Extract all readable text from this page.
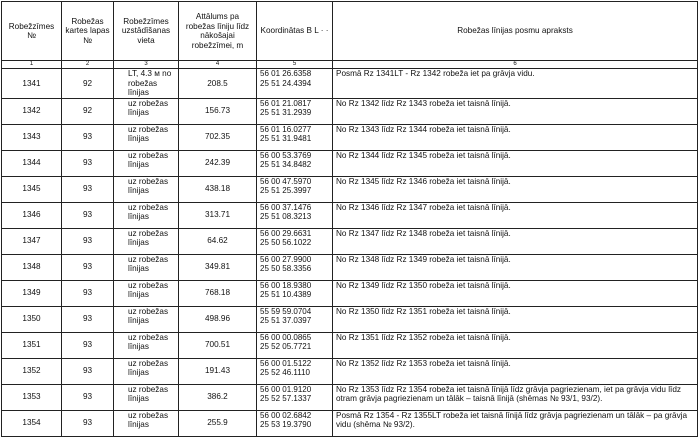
Robežzīmes №	Robežas kartes lapas №	Robežzīmes uzstādīšanas vieta	Attālums pa robežas līniju līdz nākošajai robežzīmei, m	Koordinātas B L · ·	Robežas līnijas posmu apraksts
1	2	3	4	5	6
1341	92	LT, 4.3 м no robežas līnijas	208.5	56 01 26.6358
25 51 24.4394	Posmā Rz 1341LT - Rz 1342 robeža iet pa grāvja vidu.
1342	92	uz robežas līnijas	156.73	56 01 21.0817
25 51 31.2939	No Rz 1342 līdz Rz 1343 robeža iet taisnā līnijā.
1343	93	uz robežas līnijas	702.35	56 01 16.0277
25 51 31.9481	No Rz 1343 līdz Rz 1344 robeža iet taisnā līnijā.
1344	93	uz robežas līnijas	242.39	56 00 53.3769
25 51 34.8482	No Rz 1344 līdz Rz 1345 robeža iet taisnā līnijā.
1345	93	uz robežas līnijas	438.18	56 00 47.5970
25 51 25.3997	No Rz 1345 līdz Rz 1346 robeža iet taisnā līnijā.
1346	93	uz robežas līnijas	313.71	56 00 37.1476
25 51 08.3213	No Rz 1346 līdz Rz 1347 robeža iet taisnā līnijā.
1347	93	uz robežas līnijas	64.62	56 00 29.6631
25 50 56.1022	No Rz 1347 līdz Rz 1348 robeža iet taisnā līnijā.
1348	93	uz robežas līnijas	349.81	56 00 27.9900
25 50 58.3356	No Rz 1348 līdz Rz 1349 robeža iet taisnā līnijā.
1349	93	uz robežas līnijas	768.18	56 00 18.9380
25 51 10.4389	No Rz 1349 līdz Rz 1350 robeža iet taisnā līnijā.
1350	93	uz robežas līnijas	498.96	55 59 59.0704
25 51 37.0397	No Rz 1350 līdz Rz 1351 robeža iet taisnā līnijā.
1351	93	uz robežas līnijas	700.51	56 00 00.0865
25 52 05.7721	No Rz 1351 līdz Rz 1352 robeža iet taisnā līnijā.
1352	93	uz robežas līnijas	191.43	56 00 01.5122
25 52 46.1110	No Rz 1352 līdz Rz 1353 robeža iet taisnā līnijā.
1353	93	uz robežas līnijas	386.2	56 00 01.9120
25 52 57.1337	No Rz 1353 līdz Rz 1354 robeža iet taisnā līnijā līdz grāvja pagriezienam, iet pa grāvja vidu līdz otram grāvja pagriezienam un tālāk – taisnā līnijā (shēmas № 93/1, 93/2).
1354	93	uz robežas līnijas	255.9	56 00 02.6842
25 53 19.3790	Posmā Rz 1354 - Rz 1355LT robeža iet taisnā līnijā līdz grāvja pagriezienam un tālāk – pa grāvja vidu (shēma № 93/2).
